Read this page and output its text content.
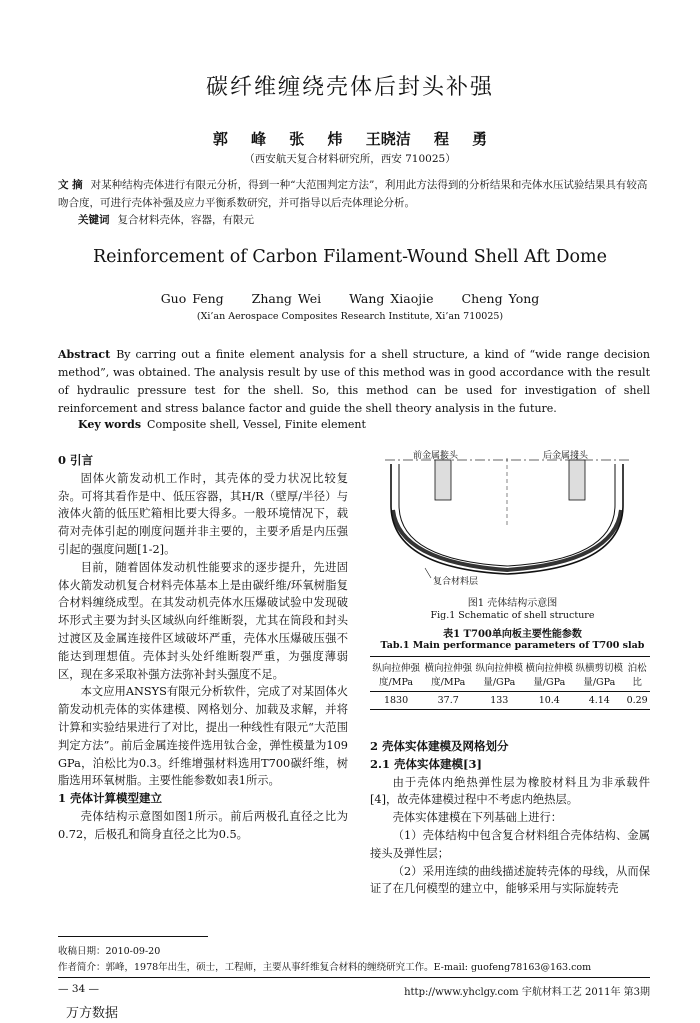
碳纤维缠绕壳体后封头补强
郭 峰 张 炜 王晓洁 程 勇
（西安航天复合材料研究所，西安 710025）
文 摘 对某种结构壳体进行有限元分析，得到一种“大范围判定方法”，利用此方法得到的分析结果和壳体水压试验结果具有较高吻合度，可进行壳体补强及应力平衡系数研究，并可指导以后壳体理论分析。
关键词 复合材料壳体，容器，有限元
Reinforcement of Carbon Filament-Wound Shell Aft Dome
Guo Feng Zhang Wei Wang Xiaojie Cheng Yong
(Xi’an Aerospace Composites Research Institute, Xi’an 710025)
Abstract By carring out a finite element analysis for a shell structure, a kind of “wide range decision method”, was obtained. The analysis result by use of this method was in good accordance with the result of hydraulic pressure test for the shell. So, this method can be used for investigation of shell reinforcement and stress balance factor and guide the shell theory analysis in the future.
Key words Composite shell, Vessel, Finite element
0 引言

固体火箭发动机工作时，其壳体的受力状况比较复杂。可将其看作是中、低压容器，其H/R（壁厚/半径）与液体火箭的低压贮箱相比要大得多。一般环境情况下，载荷对壳体引起的刚度问题并非主要的，主要矛盾是内压强引起的强度问题[1-2]。

目前，随着固体发动机性能要求的逐步提升，先进固体火箭发动机复合材料壳体基本上是由碳纤维/环氧树脂复合材料缠绕成型。在其发动机壳体水压爆破试验中发现破坏形式主要为封头区域纵向纤维断裂，尤其在筒段和封头过渡区及金属连接件区域破坏严重，壳体水压爆破压强不能达到理想值。壳体封头处纤维断裂严重，为强度薄弱区，现在多采取补强方法弥补封头强度不足。

本文应用ANSYS有限元分析软件，完成了对某固体火箭发动机壳体的实体建模、网格划分、加载及求解，并将计算和实验结果进行了对比，提出一种线性有限元“大范围判定方法”。前后金属连接件选用钛合金，弹性模量为109 GPa，泊松比为0.3。纤维增强材料选用T700碳纤维，树脂选用环氧树脂。主要性能参数如表1所示。

1 壳体计算模型建立

壳体结构示意图如图1所示。前后两极孔直径之比为0.72，后极孔和筒身直径之比为0.5。

前金属接头	后金属接头
复合材料层
图1 壳体结构示意图
Fig.1 Schematic of shell structure
表1 T700单向板主要性能参数
Tab.1 Main performance parameters of T700 slab
纵向拉伸强度/MPa	横向拉伸强度/MPa	纵向拉伸模量/GPa	横向拉伸模量/GPa	纵横剪切模量/GPa	泊松比
1830	37.7	133	10.4	4.14	0.29
2 壳体实体建模及网格划分
2.1 壳体实体建模[3]

由于壳体内绝热弹性层为橡胶材料且为非承载件[4]，故壳体建模过程中不考虑内绝热层。

壳体实体建模在下列基础上进行：

（1）壳体结构中包含复合材料组合壳体结构、金属接头及弹性层；

（2）采用连续的曲线描述旋转壳体的母线，从而保证了在几何模型的建立中，能够采用与实际旋转壳

收稿日期：2010-09-20
作者简介：郭峰，1978年出生，硕士，工程师，主要从事纤维复合材料的缠绕研究工作。E-mail: guofeng78163@163.com
— 34 —	http://www.yhclgy.com 宇航材料工艺 2011年 第3期
万方数据
